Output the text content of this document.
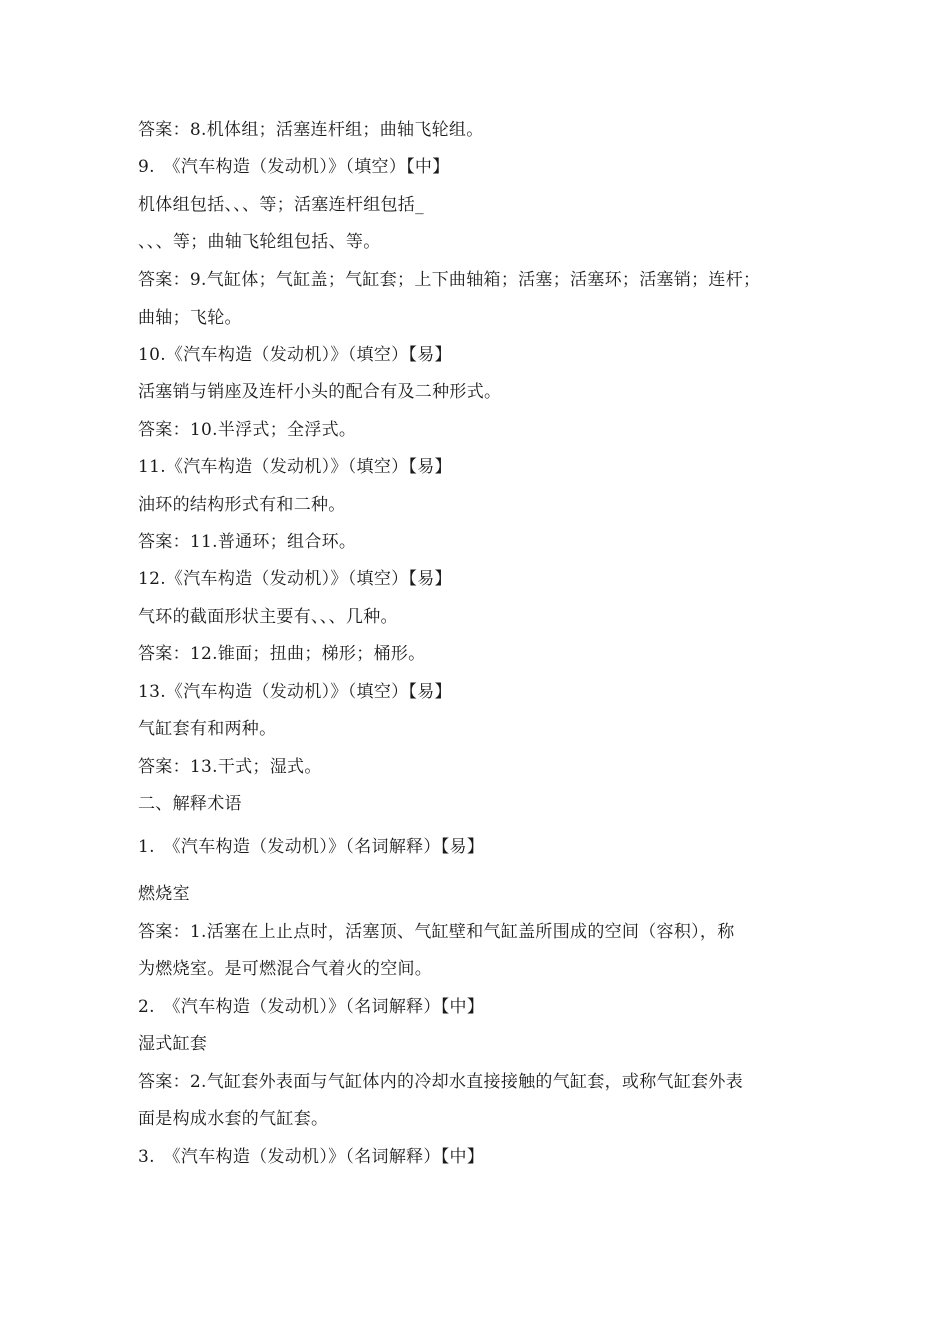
答案：8.机体组；活塞连杆组；曲轴飞轮组。
9.　《汽车构造（发动机）》（填空）【中】
机体组包括、、、等；活塞连杆组包括_
、、、等；曲轴飞轮组包括、等。
答案：9.气缸体；气缸盖；气缸套；上下曲轴箱；活塞；活塞环；活塞销；连杆；
曲轴；飞轮。
10.《汽车构造（发动机）》（填空）【易】
活塞销与销座及连杆小头的配合有及二种形式。
答案：10.半浮式；全浮式。
11.《汽车构造（发动机）》（填空）【易】
油环的结构形式有和二种。
答案：11.普通环；组合环。
12.《汽车构造（发动机）》（填空）【易】
气环的截面形状主要有、、、几种。
答案：12.锥面；扭曲；梯形；桶形。
13.《汽车构造（发动机）》（填空）【易】
气缸套有和两种。
答案：13.干式；湿式。
二、解释术语
1.　《汽车构造（发动机）》（名词解释）【易】
燃烧室
答案：1.活塞在上止点时，活塞顶、气缸壁和气缸盖所围成的空间（容积），称
为燃烧室。是可燃混合气着火的空间。
2.　《汽车构造（发动机）》（名词解释）【中】
湿式缸套
答案：2.气缸套外表面与气缸体内的冷却水直接接触的气缸套，或称气缸套外表
面是构成水套的气缸套。
3.　《汽车构造（发动机）》（名词解释）【中】
